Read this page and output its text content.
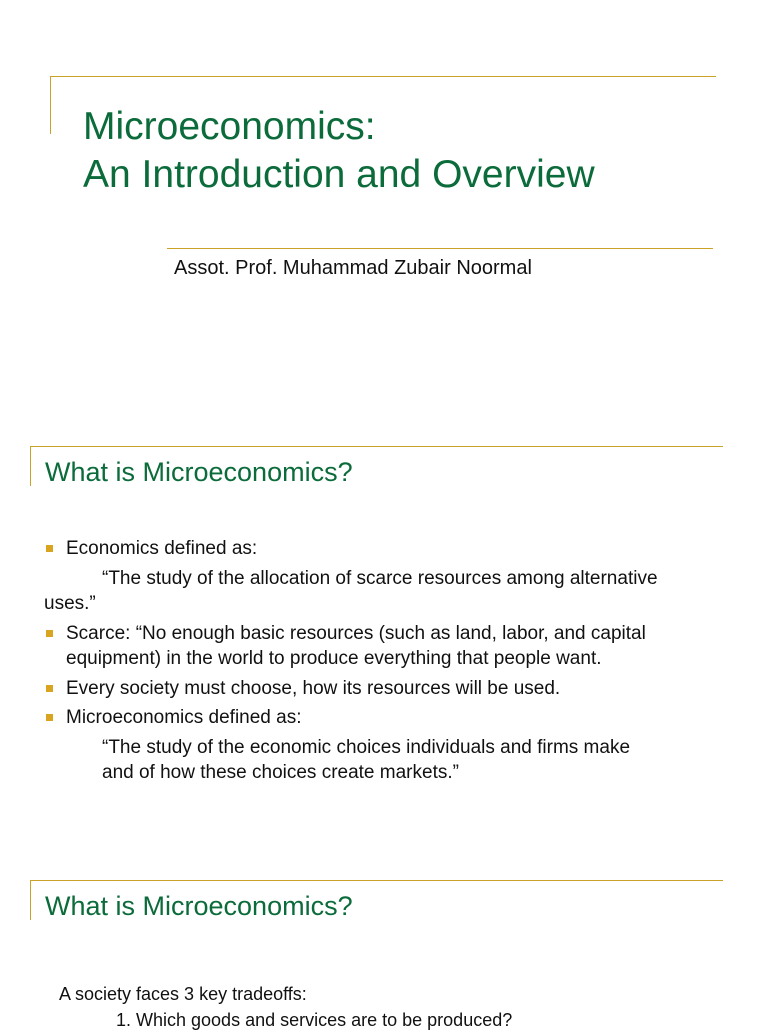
Microeconomics:
An Introduction and Overview
Assot. Prof. Muhammad Zubair Noormal
What is Microeconomics?
Economics defined as:
“The study of the allocation of scarce resources among alternative
uses.”
Scarce: “No enough basic resources (such as land, labor, and capital
equipment) in the world to produce everything that people want.
Every society must choose, how its resources will be used.
Microeconomics defined as:
“The study of the economic choices individuals and firms make
and of how these choices create markets.”
What is Microeconomics?
A society faces 3 key tradeoffs:
1. Which goods and services are to be produced?
